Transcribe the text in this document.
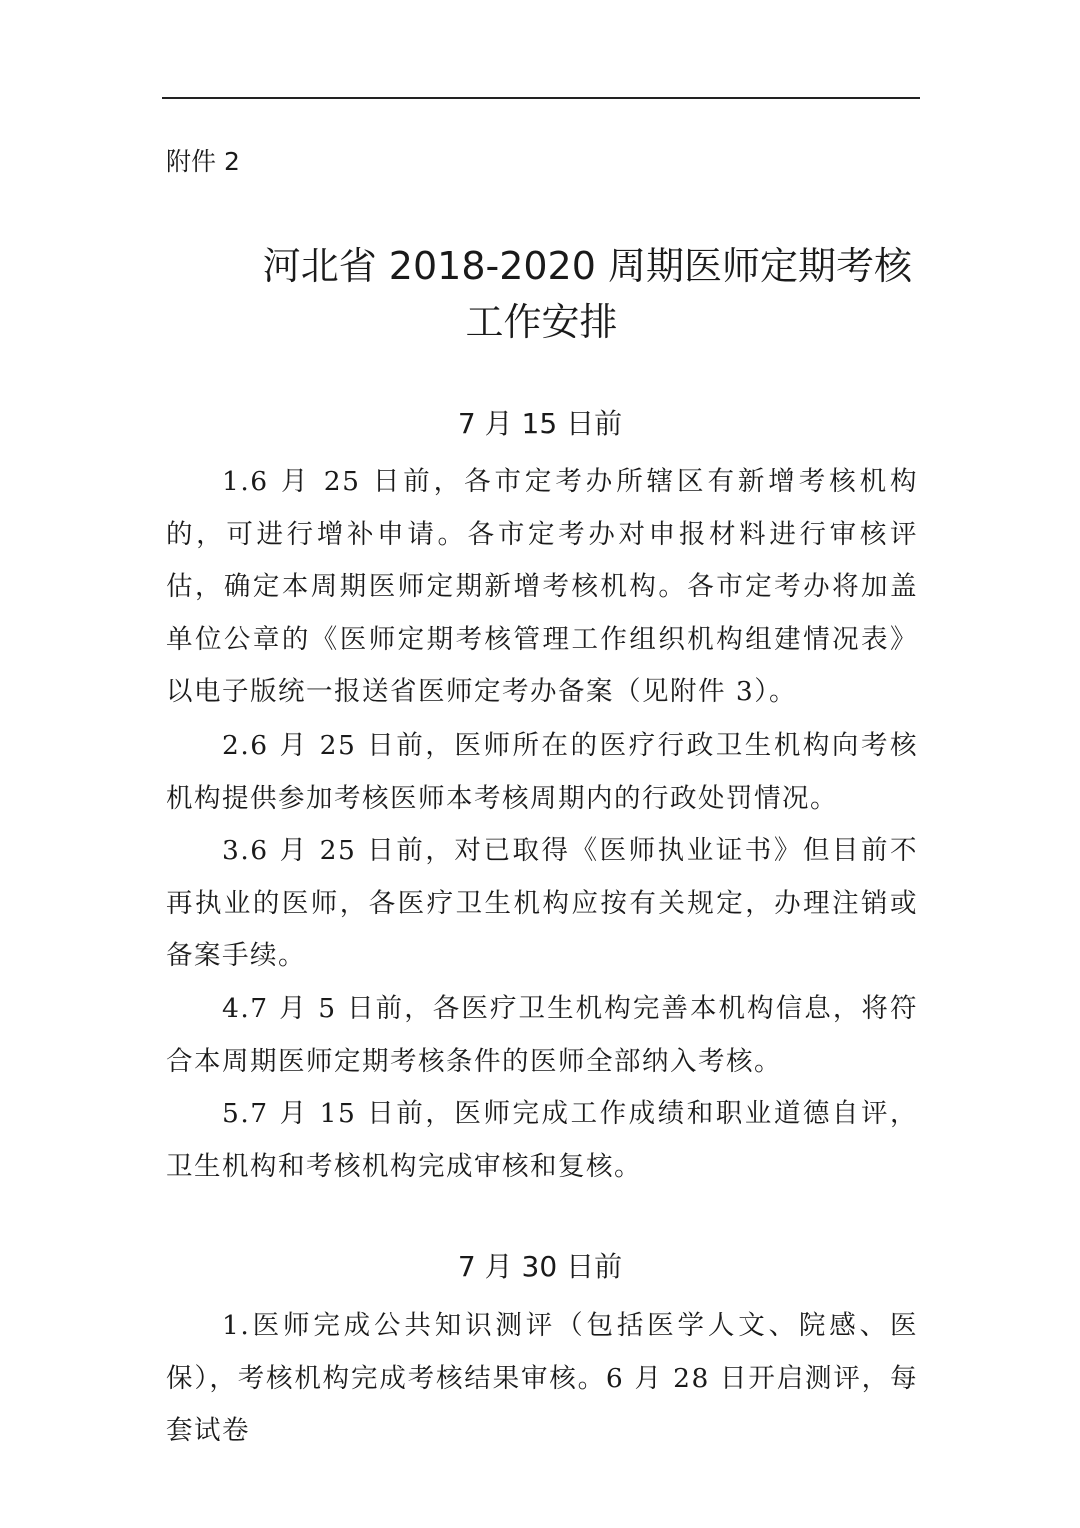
附件 2
河北省 2018-2020 周期医师定期考核
工作安排
7 月 15 日前

1.6 月 25 日前，各市定考办所辖区有新增考核机构的，可进行增补申请。各市定考办对申报材料进行审核评估，确定本周期医师定期新增考核机构。各市定考办将加盖单位公章的《医师定期考核管理工作组织机构组建情况表》以电子版统一报送省医师定考办备案（见附件 3）。

2.6 月 25 日前，医师所在的医疗行政卫生机构向考核机构提供参加考核医师本考核周期内的行政处罚情况。

3.6 月 25 日前，对已取得《医师执业证书》但目前不再执业的医师，各医疗卫生机构应按有关规定，办理注销或备案手续。

4.7 月 5 日前，各医疗卫生机构完善本机构信息，将符合本周期医师定期考核条件的医师全部纳入考核。

5.7 月 15 日前，医师完成工作成绩和职业道德自评，卫生机构和考核机构完成审核和复核。

7 月 30 日前

1.医师完成公共知识测评（包括医学人文、院感、医保），考核机构完成考核结果审核。6 月 28 日开启测评，每套试卷
